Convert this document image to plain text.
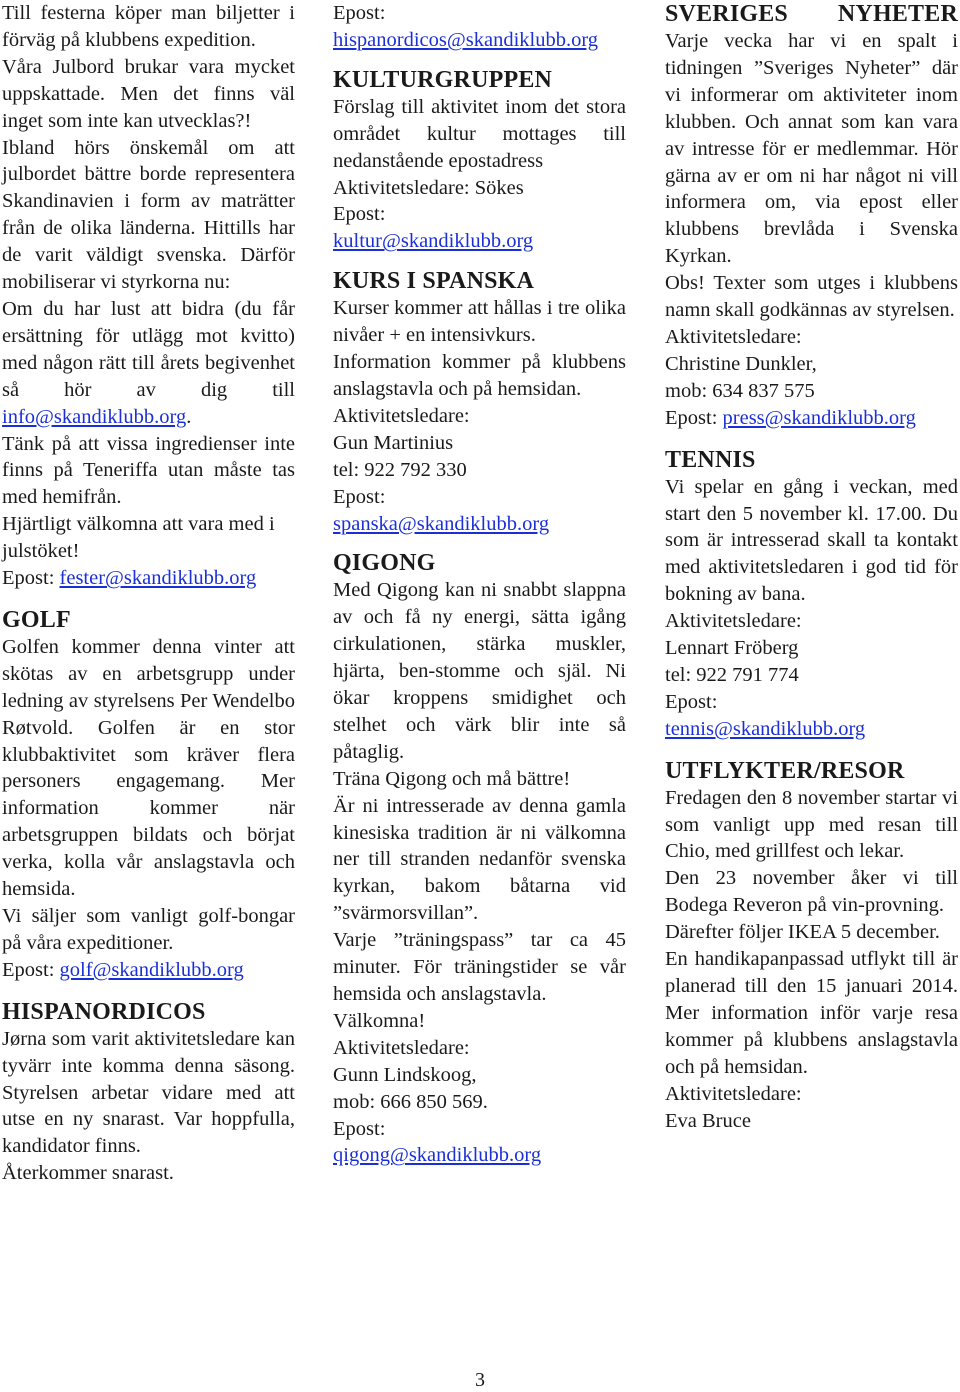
Till festerna köper man biljetter i förväg på klubbens expedition.

Våra Julbord brukar vara mycket uppskattade. Men det finns väl inget som inte kan utvecklas?!

Ibland hörs önskemål om att julbordet bättre borde representera Skandinavien i form av maträtter från de olika länderna. Hittills har de varit väldigt svenska. Därför mobiliserar vi styrkorna nu:

Om du har lust att bidra (du får ersättning för utlägg mot kvitto) med någon rätt till årets begivenhet så hör av dig till info@skandiklubb.org.

Tänk på att vissa ingredienser inte finns på Teneriffa utan måste tas med hemifrån.

Hjärtligt välkomna att vara med i julstöket!

Epost: fester@skandiklubb.org

GOLF

Golfen kommer denna vinter att skötas av en arbetsgrupp under ledning av styrelsens Per Wendelbo Røtvold. Golfen är en stor klubbaktivitet som kräver flera personers engagemang. Mer information kommer när arbetsgruppen bildats och börjat verka, kolla vår anslagstavla och hemsida.

Vi säljer som vanligt golf-bongar på våra expeditioner.

Epost: golf@skandiklubb.org

HISPANORDICOS

Jørna som varit aktivitetsledare kan tyvärr inte komma denna säsong. Styrelsen arbetar vidare med att utse en ny snarast. Var hoppfulla, kandidator finns.

Återkommer snarast.

Epost:

hispanordicos@skandiklubb.org

KULTURGRUPPEN

Förslag till aktivitet inom det stora området kultur mottages till nedanstående epostadress

Aktivitetsledare: Sökes

Epost:

kultur@skandiklubb.org

KURS I SPANSKA

Kurser kommer att hållas i tre olika nivåer + en intensivkurs.

Information kommer på klubbens anslagstavla och på hemsidan.

Aktivitetsledare:

Gun Martinius

tel: 922 792 330

Epost:

spanska@skandiklubb.org

QIGONG

Med Qigong kan ni snabbt slappna av och få ny energi, sätta igång cirkulationen, stärka muskler, hjärta, ben-stomme och själ. Ni ökar kroppens smidighet och stelhet och värk blir inte så påtaglig.

Träna Qigong och må bättre!

Är ni intresserade av denna gamla kinesiska tradition är ni välkomna ner till stranden nedanför svenska kyrkan, bakom båtarna vid ”svärmorsvillan”.

Varje ”träningspass” tar ca 45 minuter. För träningstider se vår hemsida och anslagstavla.

Välkomna!

Aktivitetsledare:

Gunn Lindskoog,

mob: 666 850 569.

Epost:

qigong@skandiklubb.org

SVERIGES NYHETER

Varje vecka har vi en spalt i tidningen ”Sveriges Nyheter” där vi informerar om aktiviteter inom klubben. Och annat som kan vara av intresse för er medlemmar. Hör gärna av er om ni har något ni vill informera om, via epost eller klubbens brevlåda i Svenska Kyrkan.

Obs! Texter som utges i klubbens namn skall godkännas av styrelsen.

Aktivitetsledare:

Christine Dunkler,

mob: 634 837 575

Epost: press@skandiklubb.org

TENNIS

Vi spelar en gång i veckan, med start den 5 november kl. 17.00. Du som är intresserad skall ta kontakt med aktivitetsledaren i god tid för bokning av bana.

Aktivitetsledare:

Lennart Fröberg

tel: 922 791 774

Epost:

tennis@skandiklubb.org

UTFLYKTER/RESOR

Fredagen den 8 november startar vi som vanligt upp med resan till Chio, med grillfest och lekar.

Den 23 november åker vi till Bodega Reveron på vin-provning.

Därefter följer IKEA 5 december.

En handikapanpassad utflykt till är planerad till den 15 januari 2014. Mer information inför varje resa kommer på klubbens anslagstavla och på hemsidan.

Aktivitetsledare:

Eva Bruce

3
